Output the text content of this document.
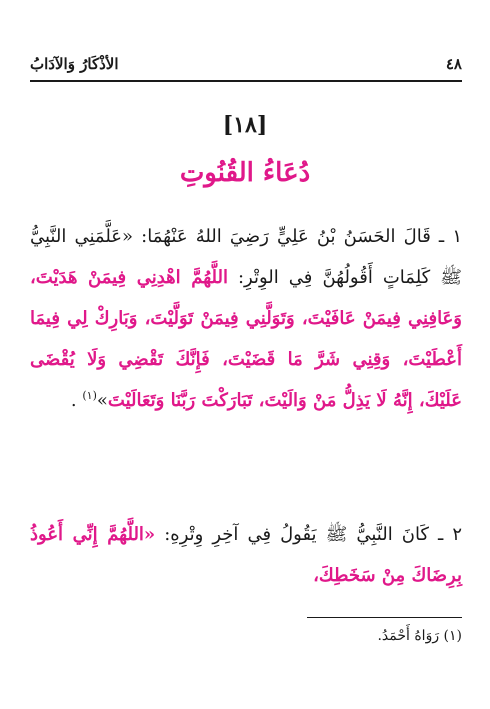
٤٨
الأذْكَارُ وَالآدَابُ
[١٨]
دُعَاءُ القُنُوتِ
١ ـ قَالَ الحَسَنُ بْنُ عَلِيٍّ رَضِيَ اللهُ عَنْهُمَا: «عَلَّمَنِي النَّبِيُّ ﷺ كَلِمَاتٍ أَقُولُهُنَّ فِي الوِتْرِ: اللَّهُمَّ اهْدِنِي فِيمَنْ هَدَيْتَ، وَعَافِنِي فِيمَنْ عَافَيْتَ، وَتَوَلَّنِي فِيمَنْ تَوَلَّيْتَ، وَبَارِكْ لِي فِيمَا أَعْطَيْتَ، وَقِنِي شَرَّ مَا قَضَيْتَ، فَإِنَّكَ تَقْضِي وَلَا يُقْضَى عَلَيْكَ، إِنَّهُ لَا يَذِلُّ مَنْ وَالَيْتَ، تَبَارَكْتَ رَبَّنَا وَتَعَالَيْتَ»$^{(١)}$ .
٢ ـ كَانَ النَّبِيُّ ﷺ يَقُولُ فِي آخِرِ وِتْرِهِ: «اللَّهُمَّ إِنِّي أَعُوذُ بِرِضَاكَ مِنْ سَخَطِكَ،
(١) رَوَاهُ أَحْمَدُ.
